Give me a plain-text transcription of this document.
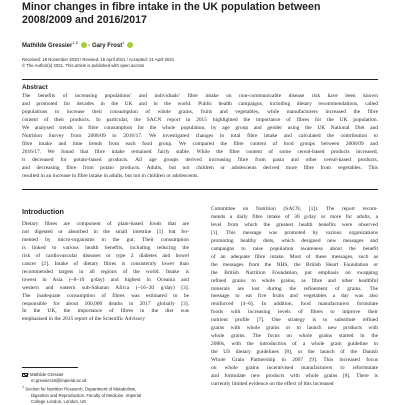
Minor changes in fibre intake in the UK population between
2008/2009 and 2016/2017
Mathilde Gressier$^{1,2}$  · Gary Frost$^1$
Received: 18 November 2020 / Revised: 15 April 2021 / Accepted: 21 April 2021
© The Author(s) 2021. This article is published with open access
Abstract
The benefits of increasing populations’ and individuals’ fibre intake on non-communicable disease risk have been known
and promoted for decades in the UK and in the world. Public health campaigns, including dietary recommendations, called
populations to increase their consumption of whole grains, fruits and vegetables, while manufacturers increased the fibre
content of their products. In particular, the SACN report in 2015 highlighted the importance of fibres for the UK population.
We analysed trends in fibre consumption for the whole population, by age group and gender using the UK National Diet and
Nutrition Survey from 2008/09 to 2016/17. We investigated changes in total fibre intake and calculated the contribution to
fibre intake and time trends from each food group. We compared the fibre content of food groups between 2008/09 and
2016/17. We found that fibre intake remained fairly stable. While the fibre content of some cereal-based products increased,
it decreased for potato-based products. All age groups derived increasing fibre from pasta and other cereal-based products,
and decreasing fibre from potato products. Adults, but not children or adolescents derived more fibre from vegetables. This
resulted in an increase in fibre intake in adults, but not in children or adolescents.
Introduction
Dietary fibres are component of plant-based foods that are
not digested or absorbed in the small intestine [1] but fer-
mented by micro-organisms in the gut. Their consumption
is linked to various health benefits, including reducing the
risk of cardiovascular diseases or type 2 diabetes and bowel
cancer [2]. Intake of dietary fibres is consistently lower than
recommended targets in all regions of the world. Intake is
lowest in Asia (~8–10 g/day) and highest in Oceania and
western and eastern sub-Saharan Africa (~16–20 g/day) [3].
The inadequate consumption of fibres was estimated to be
responsible for about 100,000 deaths in 2017 globally [3].
In the UK, the importance of fibres in the diet was
emphasised in the 2015 report of the Scientific Advisory
Committee on Nutrition (SACN, [1]). The report recom-
mends a daily fibre intake of 30 g/day or more for adults, a
level from which the greatest health benefits were observed
[1]. This message was promoted by various organizations
promoting healthy diets, which designed new messages and
campaigns to raise population awareness about the benefit
of an adequate fibre intake. Most of these messages, such as
the messages from the NHS, the British Heart Foundation or
the British Nutrition Foundation, put emphasis on swapping
refined grains to whole grains, as fibre and other healthful
minerals are lost during the refinement of grains. The
message to eat five fruits and vegetables a day was also
reinforced [4–6]. In addition, food manufacturers formulate
foods with increasing levels of fibres to improve their
nutrient profile [7]. One strategy is to substitute refined
grains with whole grains or to launch new products with
whole grains. The focus on whole grains started in the
2000s, with the introduction of a whole grain guideline in
the US dietary guidelines [8], or the launch of the Danish
Whole Grain Partnership in 2007 [9]. This increased focus
on whole grains incentivised manufacturers to reformulate
and formulate new products with whole grains [8]. There is
currently limited evidence on the effect of this increased
Mathilde Gressier
m.gressier18@imperial.ac.uk
$^1$ Section for Nutrition Research, Department of Metabolism,
Digestion and Reproduction, Faculty of Medicine, Imperial
College London, London, UK
